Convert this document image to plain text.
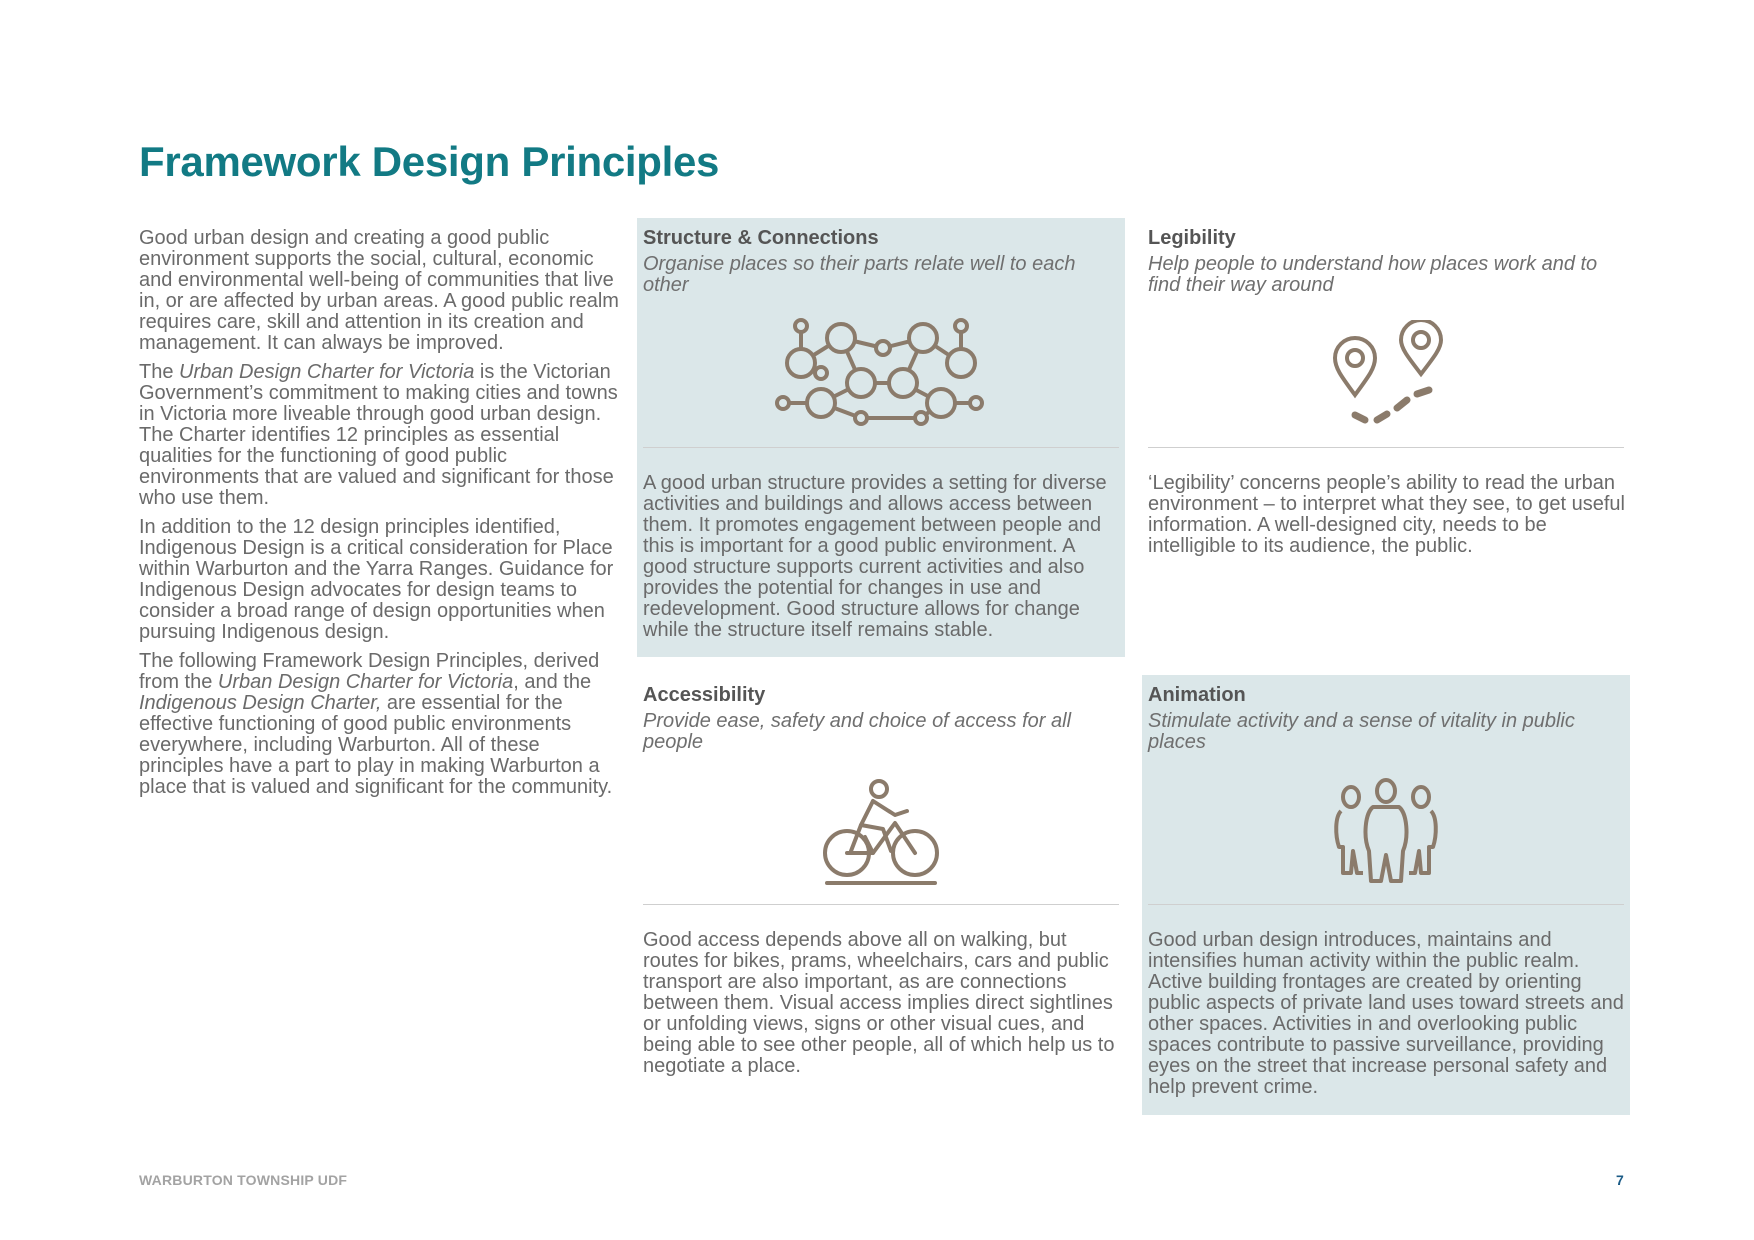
Framework Design Principles

Good urban design and creating a good public environment supports the social, cultural, economic and environmental well-being of communities that live in, or are affected by urban areas. A good public realm requires care, skill and attention in its creation and management. It can always be improved.

The Urban Design Charter for Victoria is the Victorian Government’s commitment to making cities and towns in Victoria more liveable through good urban design. The Charter identifies 12 principles as essential qualities for the functioning of good public environments that are valued and significant for those who use them.

In addition to the 12 design principles identified, Indigenous Design is a critical consideration for Place within Warburton and the Yarra Ranges. Guidance for Indigenous Design advocates for design teams to consider a broad range of design opportunities when pursuing Indigenous design.

The following Framework Design Principles, derived from the Urban Design Charter for Victoria, and the Indigenous Design Charter, are essential for the effective functioning of good public environments everywhere, including Warburton. All of these principles have a part to play in making Warburton a place that is valued and significant for the community.

Structure & Connections

Organise places so their parts relate well to each other

A good urban structure provides a setting for diverse activities and buildings and allows access between them. It promotes engagement between people and this is important for a good public environment. A good structure supports current activities and also provides the potential for changes in use and redevelopment. Good structure allows for change while the structure itself remains stable.

Legibility

Help people to understand how places work and to find their way around

‘Legibility’ concerns people’s ability to read the urban environment – to interpret what they see, to get useful information. A well-designed city, needs to be intelligible to its audience, the public.

Accessibility

Provide ease, safety and choice of access for all people

Good access depends above all on walking, but routes for bikes, prams, wheelchairs, cars and public transport are also important, as are connections between them. Visual access implies direct sightlines or unfolding views, signs or other visual cues, and being able to see other people, all of which help us to negotiate a place.

Animation

Stimulate activity and a sense of vitality in public places

Good urban design introduces, maintains and intensifies human activity within the public realm. Active building frontages are created by orienting public aspects of private land uses toward streets and other spaces. Activities in and overlooking public spaces contribute to passive surveillance, providing eyes on the street that increase personal safety and help prevent crime.

WARBURTON TOWNSHIP UDF	7
